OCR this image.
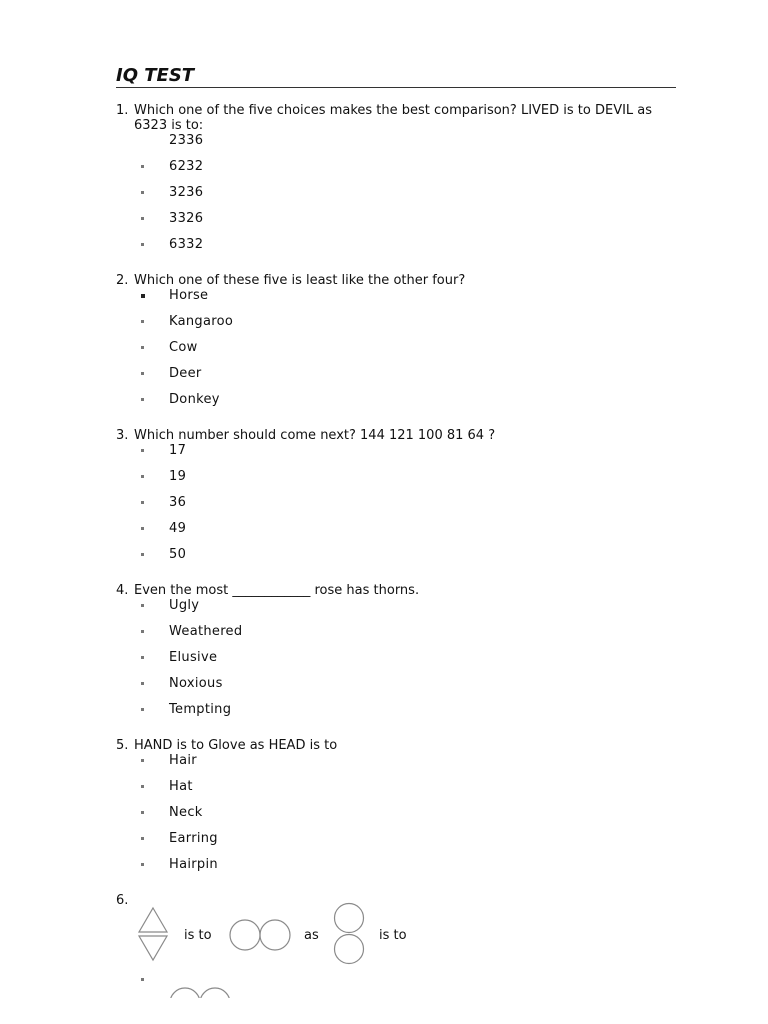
IQ TEST
1. Which one of the five choices makes the best comparison? LIVED is to DEVIL as 6323 is to:
2336
6232
3236
3326
6332
2. Which one of these five is least like the other four?
Horse
Kangaroo
Cow
Deer
Donkey
3. Which number should come next? 144 121 100 81 64 ?
17
19
36
49
50
4. Even the most ____________ rose has thorns.
Ugly
Weathered
Elusive
Noxious
Tempting
5. HAND is to Glove as HEAD is to
Hair
Hat
Neck
Earring
Hairpin
6.
is to	as	is to
